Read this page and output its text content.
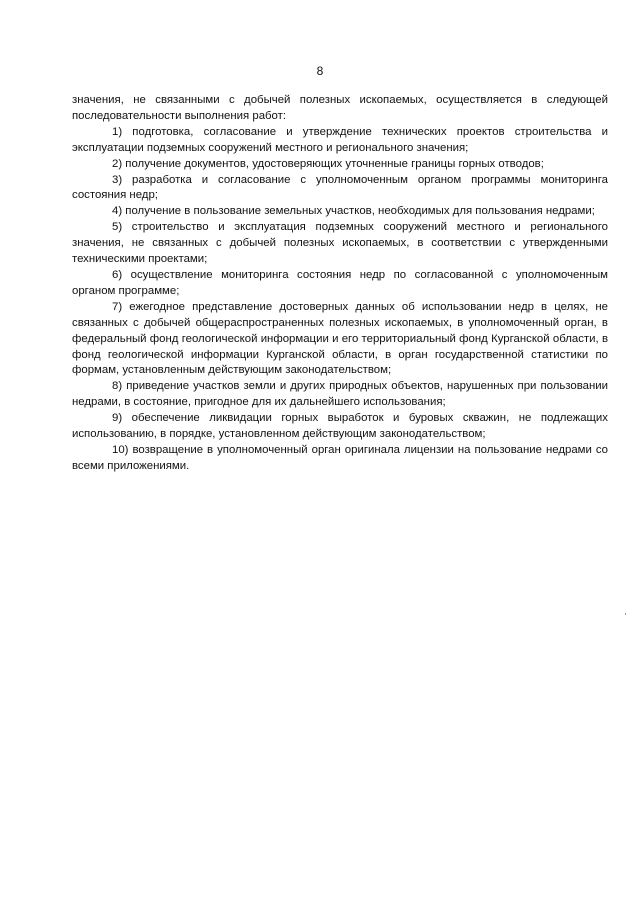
8

значения, не связанными с добычей полезных ископаемых, осуществляется в следующей последовательности выполнения работ:

1) подготовка, согласование и утверждение технических проектов строительства и эксплуатации подземных сооружений местного и регионального значения;

2) получение документов, удостоверяющих уточненные границы горных отводов;

3) разработка и согласование с уполномоченным органом программы мониторинга состояния недр;

4) получение в пользование земельных участков, необходимых для пользования недрами;

5) строительство и эксплуатация подземных сооружений местного и регионального значения, не связанных с добычей полезных ископаемых, в соответствии с утвержденными техническими проектами;

6) осуществление мониторинга состояния недр по согласованной с уполномоченным органом программе;

7) ежегодное представление достоверных данных об использовании недр в целях, не связанных с добычей общераспространенных полезных ископаемых, в уполномоченный орган, в федеральный фонд геологической информации и его территориальный фонд Курганской области, в фонд геологической информации Курганской области, в орган государственной статистики по формам, установленным действующим законодательством;

8) приведение участков земли и других природных объектов, нарушенных при пользовании недрами, в состояние, пригодное для их дальнейшего использования;

9) обеспечение ликвидации горных выработок и буровых скважин, не подлежащих использованию, в порядке, установленном действующим законодательством;

10) возвращение в уполномоченный орган оригинала лицензии на пользование недрами со всеми приложениями.
